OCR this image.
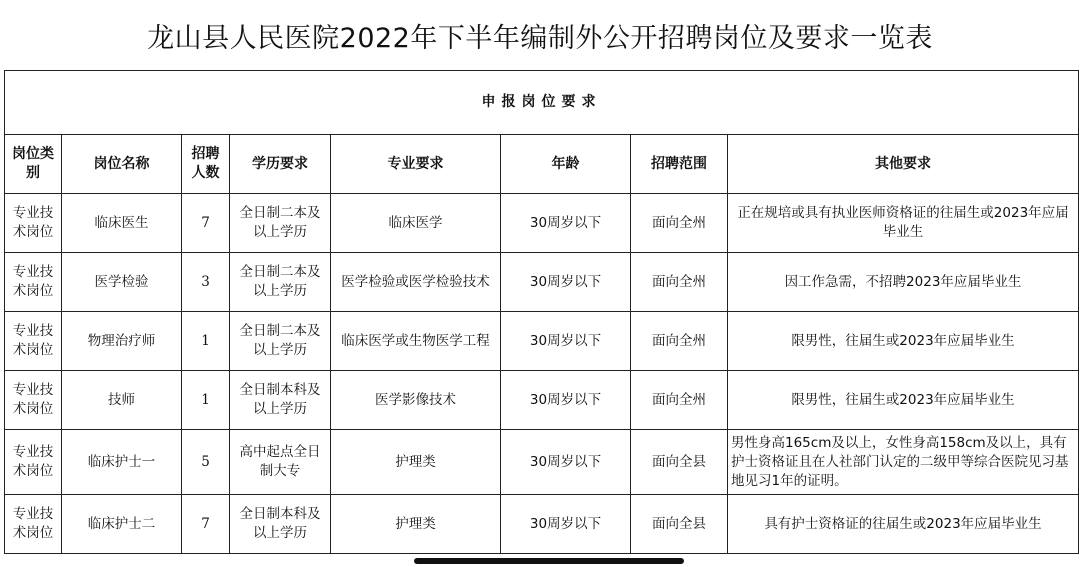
龙山县人民医院2022年下半年编制外公开招聘岗位及要求一览表
申报岗位要求							
岗位类别	岗位名称	招聘人数	学历要求	专业要求	年龄	招聘范围	其他要求
专业技术岗位	临床医生	7	全日制二本及以上学历	临床医学	30周岁以下	面向全州	正在规培或具有执业医师资格证的往届生或2023年应届毕业生
专业技术岗位	医学检验	3	全日制二本及以上学历	医学检验或医学检验技术	30周岁以下	面向全州	因工作急需，不招聘2023年应届毕业生
专业技术岗位	物理治疗师	1	全日制二本及以上学历	临床医学或生物医学工程	30周岁以下	面向全州	限男性，往届生或2023年应届毕业生
专业技术岗位	技师	1	全日制本科及以上学历	医学影像技术	30周岁以下	面向全州	限男性，往届生或2023年应届毕业生
专业技术岗位	临床护士一	5	高中起点全日制大专	护理类	30周岁以下	面向全县	男性身高165cm及以上，女性身高158cm及以上，具有护士资格证且在人社部门认定的二级甲等综合医院见习基地见习1年的证明。
专业技术岗位	临床护士二	7	全日制本科及以上学历	护理类	30周岁以下	面向全县	具有护士资格证的往届生或2023年应届毕业生
